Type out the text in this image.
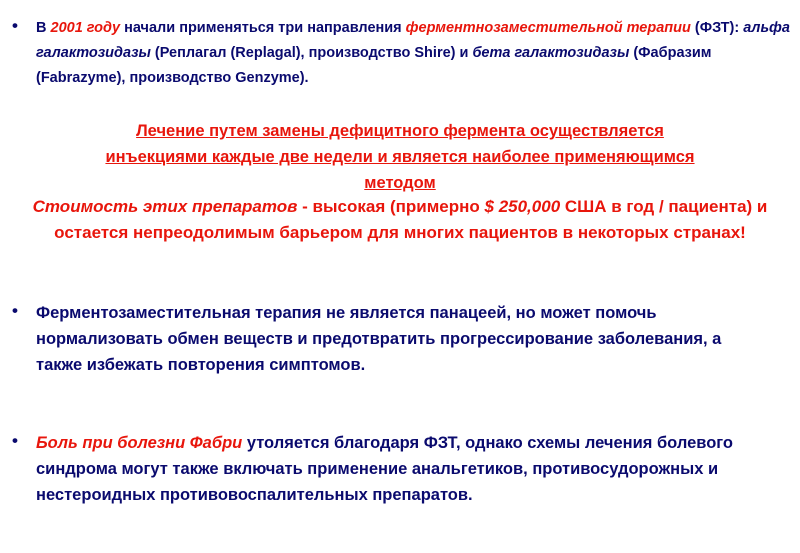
•	В 2001 году начали применяться три направления ферментнозаместительной терапии (ФЗТ): альфа галактозидазы (Реплагал (Replagal), производство Shire) и бета галактозидазы (Фабразим (Fabrazyme), производство Genzyme).
Лечение путем замены дефицитного фермента осуществляется
инъекциями каждые две недели и является наиболее применяющимся
методом
Стоимость этих препаратов - высокая (примерно $ 250,000 США в год / пациента) и остается непреодолимым барьером для многих пациентов в некоторых странах!
•	Ферментозаместительная терапия не является панацеей, но может помочь нормализовать обмен веществ и предотвратить прогрессирование заболевания, а также избежать повторения симптомов.
•	Боль при болезни Фабри утоляется благодаря ФЗТ, однако схемы лечения болевого синдрома могут также включать применение анальгетиков, противосудорожных и нестероидных противовоспалительных препаратов.
